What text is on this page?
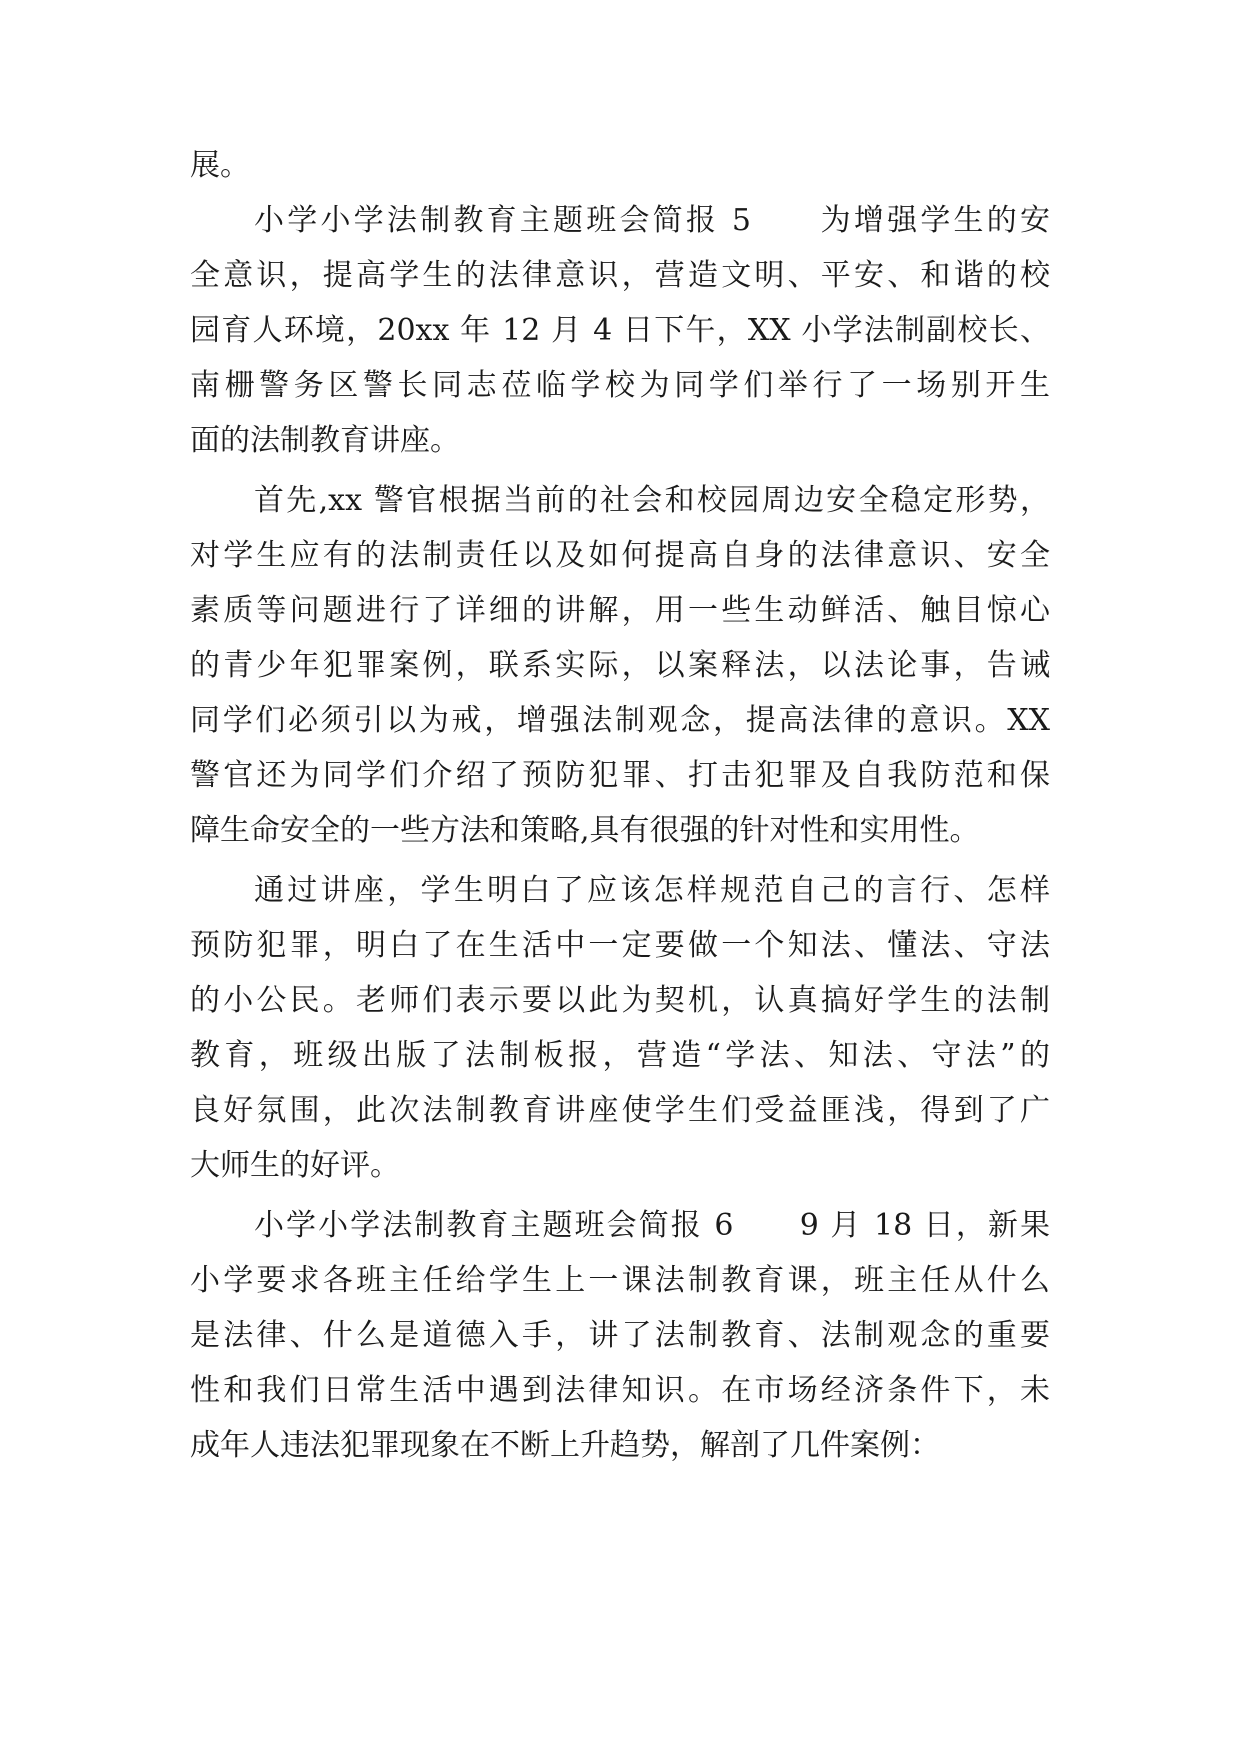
展。
小学小学法制教育主题班会简报 5　　为增强学生的安
全意识，提高学生的法律意识，营造文明、平安、和谐的校
园育人环境，20xx 年 12 月 4 日下午，XX 小学法制副校长、
南栅警务区警长同志莅临学校为同学们举行了一场别开生
面的法制教育讲座。
首先,xx 警官根据当前的社会和校园周边安全稳定形势，
对学生应有的法制责任以及如何提高自身的法律意识、安全
素质等问题进行了详细的讲解，用一些生动鲜活、触目惊心
的青少年犯罪案例，联系实际，以案释法，以法论事，告诫
同学们必须引以为戒，增强法制观念，提高法律的意识。XX
警官还为同学们介绍了预防犯罪、打击犯罪及自我防范和保
障生命安全的一些方法和策略,具有很强的针对性和实用性。
通过讲座，学生明白了应该怎样规范自己的言行、怎样
预防犯罪，明白了在生活中一定要做一个知法、懂法、守法
的小公民。老师们表示要以此为契机，认真搞好学生的法制
教育，班级出版了法制板报，营造“学法、知法、守法”的
良好氛围，此次法制教育讲座使学生们受益匪浅，得到了广
大师生的好评。
小学小学法制教育主题班会简报 6　　9 月 18 日，新果
小学要求各班主任给学生上一课法制教育课，班主任从什么
是法律、什么是道德入手，讲了法制教育、法制观念的重要
性和我们日常生活中遇到法律知识。在市场经济条件下，未
成年人违法犯罪现象在不断上升趋势，解剖了几件案例：
